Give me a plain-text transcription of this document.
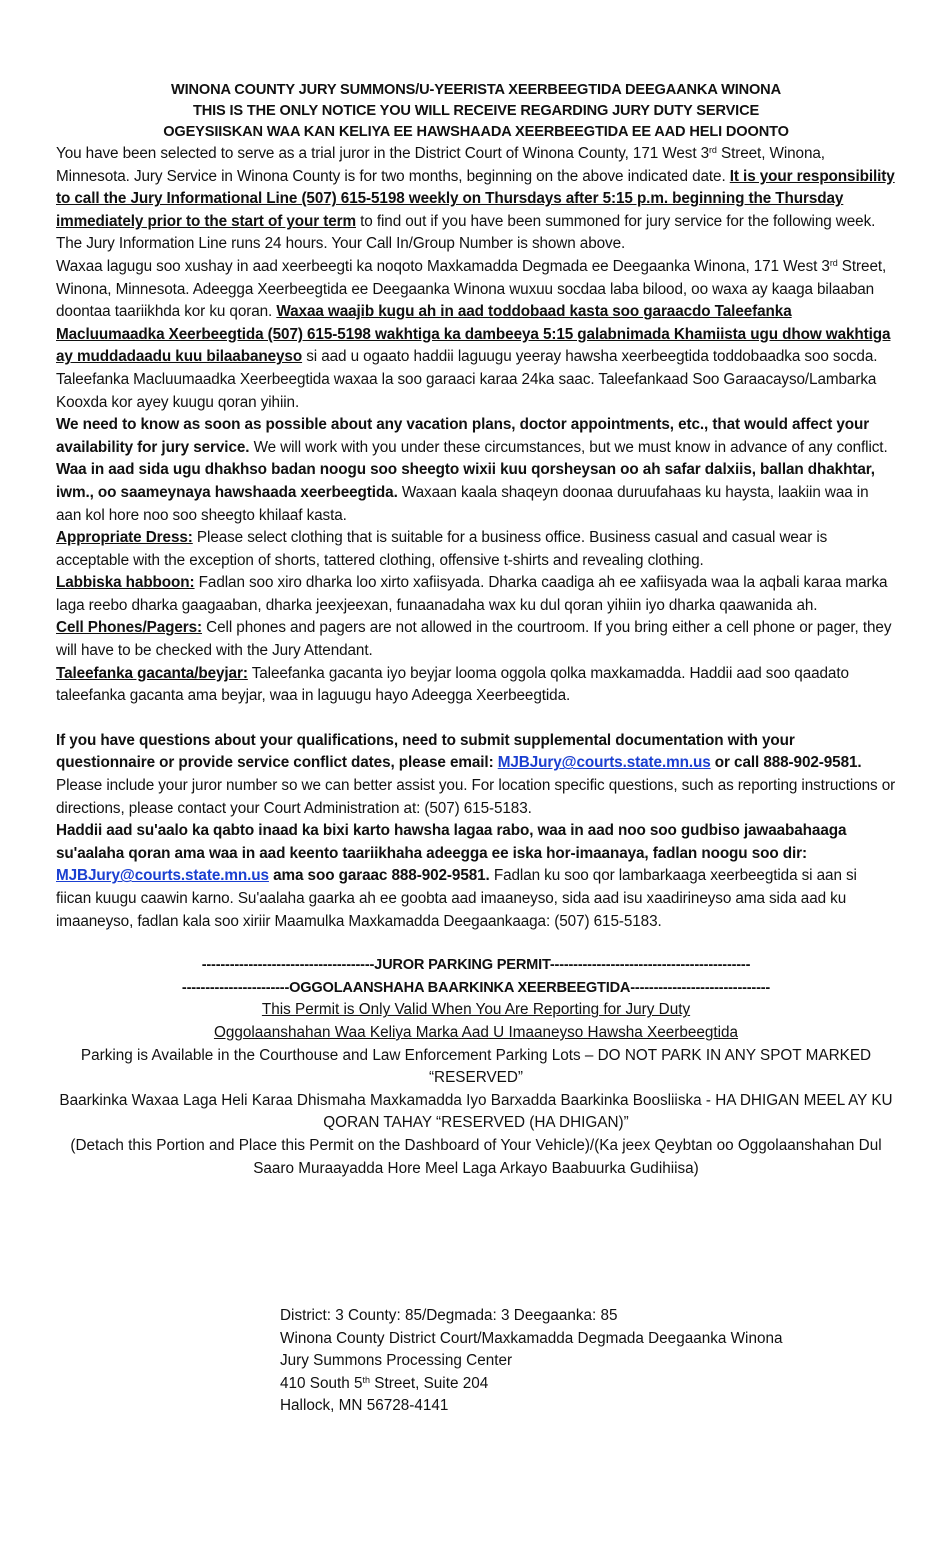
WINONA COUNTY JURY SUMMONS/U-YEERISTA XEERBEEGTIDA DEEGAANKA WINONA
THIS IS THE ONLY NOTICE YOU WILL RECEIVE REGARDING JURY DUTY SERVICE
OGEYSIISKAN WAA KAN KELIYA EE HAWSHAADA XEERBEEGTIDA EE AAD HELI DOONTO

You have been selected to serve as a trial juror in the District Court of Winona County, 171 West 3rd Street, Winona, Minnesota. Jury Service in Winona County is for two months, beginning on the above indicated date. It is your responsibility to call the Jury Informational Line (507) 615-5198 weekly on Thursdays after 5:15 p.m. beginning the Thursday immediately prior to the start of your term to find out if you have been summoned for jury service for the following week. The Jury Information Line runs 24 hours. Your Call In/Group Number is shown above.

Waxaa lagugu soo xushay in aad xeerbeegti ka noqoto Maxkamadda Degmada ee Deegaanka Winona, 171 West 3rd Street, Winona, Minnesota. Adeegga Xeerbeegtida ee Deegaanka Winona wuxuu socdaa laba bilood, oo waxa ay kaaga bilaaban doontaa taariikhda kor ku qoran. Waxaa waajib kugu ah in aad toddobaad kasta soo garaacdo Taleefanka Macluumaadka Xeerbeegtida (507) 615-5198 wakhtiga ka dambeeya 5:15 galabnimada Khamiista ugu dhow wakhtiga ay muddadaadu kuu bilaabaneyso si aad u ogaato haddii laguugu yeeray hawsha xeerbeegtida toddobaadka soo socda. Taleefanka Macluumaadka Xeerbeegtida waxaa la soo garaaci karaa 24ka saac. Taleefankaad Soo Garaacayso/Lambarka Kooxda kor ayey kuugu qoran yihiin.

We need to know as soon as possible about any vacation plans, doctor appointments, etc., that would affect your availability for jury service. We will work with you under these circumstances, but we must know in advance of any conflict.

Waa in aad sida ugu dhakhso badan noogu soo sheegto wixii kuu qorsheysan oo ah safar dalxiis, ballan dhakhtar, iwm., oo saameynaya hawshaada xeerbeegtida. Waxaan kaala shaqeyn doonaa duruufahaas ku haysta, laakiin waa in aan kol hore noo soo sheegto khilaaf kasta.

Appropriate Dress: Please select clothing that is suitable for a business office. Business casual and casual wear is acceptable with the exception of shorts, tattered clothing, offensive t-shirts and revealing clothing.

Labbiska habboon: Fadlan soo xiro dharka loo xirto xafiisyada. Dharka caadiga ah ee xafiisyada waa la aqbali karaa marka laga reebo dharka gaagaaban, dharka jeexjeexan, funaanadaha wax ku dul qoran yihiin iyo dharka qaawanida ah.

Cell Phones/Pagers: Cell phones and pagers are not allowed in the courtroom. If you bring either a cell phone or pager, they will have to be checked with the Jury Attendant.

Taleefanka gacanta/beyjar: Taleefanka gacanta iyo beyjar looma oggola qolka maxkamadda. Haddii aad soo qaadato taleefanka gacanta ama beyjar, waa in laguugu hayo Adeegga Xeerbeegtida.

If you have questions about your qualifications, need to submit supplemental documentation with your questionnaire or provide service conflict dates, please email: MJBJury@courts.state.mn.us or call 888-902-9581. Please include your juror number so we can better assist you. For location specific questions, such as reporting instructions or directions, please contact your Court Administration at: (507) 615-5183.

Haddii aad su'aalo ka qabto inaad ka bixi karto hawsha lagaa rabo, waa in aad noo soo gudbiso jawaabahaaga su'aalaha qoran ama waa in aad keento taariikhaha adeegga ee iska hor-imaanaya, fadlan noogu soo dir: MJBJury@courts.state.mn.us ama soo garaac 888-902-9581. Fadlan ku soo qor lambarkaaga xeerbeegtida si aan si fiican kuugu caawin karno. Su'aalaha gaarka ah ee goobta aad imaaneyso, sida aad isu xaadirineyso ama sida aad ku imaaneyso, fadlan kala soo xiriir Maamulka Maxkamadda Deegaankaaga: (507) 615-5183.

-------------------------------------JUROR PARKING PERMIT-------------------------------------------
-----------------------OGGOLAANSHAHA BAARKINKA XEERBEEGTIDA------------------------------
This Permit is Only Valid When You Are Reporting for Jury Duty
Oggolaanshahan Waa Keliya Marka Aad U Imaaneyso Hawsha Xeerbeegtida
Parking is Available in the Courthouse and Law Enforcement Parking Lots – DO NOT PARK IN ANY SPOT MARKED “RESERVED”
Baarkinka Waxaa Laga Heli Karaa Dhismaha Maxkamadda Iyo Barxadda Baarkinka Boosliiska - HA DHIGAN MEEL AY KU QORAN TAHAY “RESERVED (HA DHIGAN)”
(Detach this Portion and Place this Permit on the Dashboard of Your Vehicle)/(Ka jeex Qeybtan oo Oggolaanshahan Dul Saaro Muraayadda Hore Meel Laga Arkayo Baabuurka Gudihiisa)
District: 3 County: 85/Degmada: 3 Deegaanka: 85
Winona County District Court/Maxkamadda Degmada Deegaanka Winona
Jury Summons Processing Center
410 South 5th Street, Suite 204
Hallock, MN 56728-4141
